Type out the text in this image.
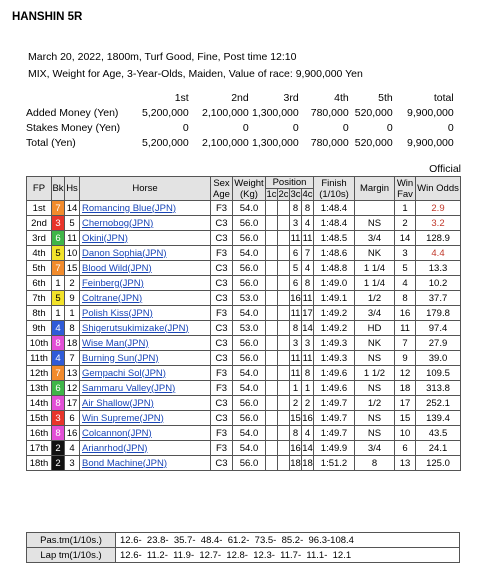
HANSHIN 5R
March 20, 2022, 1800m, Turf Good, Fine, Post time 12:10
MIX, Weight for Age, 3-Year-Olds, Maiden, Value of race: 9,900,000 Yen
	1st	2nd	3rd	4th	5th	total
Added Money (Yen)	5,200,000	2,100,000	1,300,000	780,000	520,000	9,900,000
Stakes Money (Yen)	0	0	0	0	0	0
Total (Yen)	5,200,000	2,100,000	1,300,000	780,000	520,000	9,900,000
Official
FP	Bk	Hs	Horse	Sex Age	Weight (Kg)	Position				Finish (1/10s)	Margin	Win Fav	Win Odds
						1c	2c	3c	4c				
1st	7	14	Romancing Blue(JPN)	F3	54.0			8	8	1:48.4		1	2.9
2nd	3	5	Chernobog(JPN)	C3	56.0			3	4	1:48.4	NS	2	3.2
3rd	6	11	Okini(JPN)	C3	56.0			11	11	1:48.5	3/4	14	128.9
4th	5	10	Danon Sophia(JPN)	F3	54.0			6	7	1:48.6	NK	3	4.4
5th	7	15	Blood Wild(JPN)	C3	56.0			5	4	1:48.8	1 1/4	5	13.3
6th	1	2	Feinberg(JPN)	C3	56.0			6	8	1:49.0	1 1/4	4	10.2
7th	5	9	Coltrane(JPN)	C3	53.0			16	11	1:49.1	1/2	8	37.7
8th	1	1	Polish Kiss(JPN)	F3	54.0			11	17	1:49.2	3/4	16	179.8
9th	4	8	Shigerutsukimizake(JPN)	C3	53.0			8	14	1:49.2	HD	11	97.4
10th	8	18	Wise Man(JPN)	C3	56.0			3	3	1:49.3	NK	7	27.9
11th	4	7	Burning Sun(JPN)	C3	56.0			11	11	1:49.3	NS	9	39.0
12th	7	13	Gempachi Sol(JPN)	F3	54.0			11	8	1:49.6	1 1/2	12	109.5
13th	6	12	Sammaru Valley(JPN)	F3	54.0			1	1	1:49.6	NS	18	313.8
14th	8	17	Air Shallow(JPN)	C3	56.0			2	2	1:49.7	1/2	17	252.1
15th	3	6	Win Supreme(JPN)	C3	56.0			15	16	1:49.7	NS	15	139.4
16th	8	16	Colcannon(JPN)	F3	54.0			8	4	1:49.7	NS	10	43.5
17th	2	4	Arianrhod(JPN)	F3	54.0			16	14	1:49.9	3/4	6	24.1
18th	2	3	Bond Machine(JPN)	C3	56.0			18	18	1:51.2	8	13	125.0
Pas.tm(1/10s.)	12.6-  23.8-  35.7-  48.4-  61.2-  73.5-  85.2-  96.3-108.4
Lap tm(1/10s.)	12.6-  11.2-  11.9-  12.7-  12.8-  12.3-  11.7-  11.1-  12.1
